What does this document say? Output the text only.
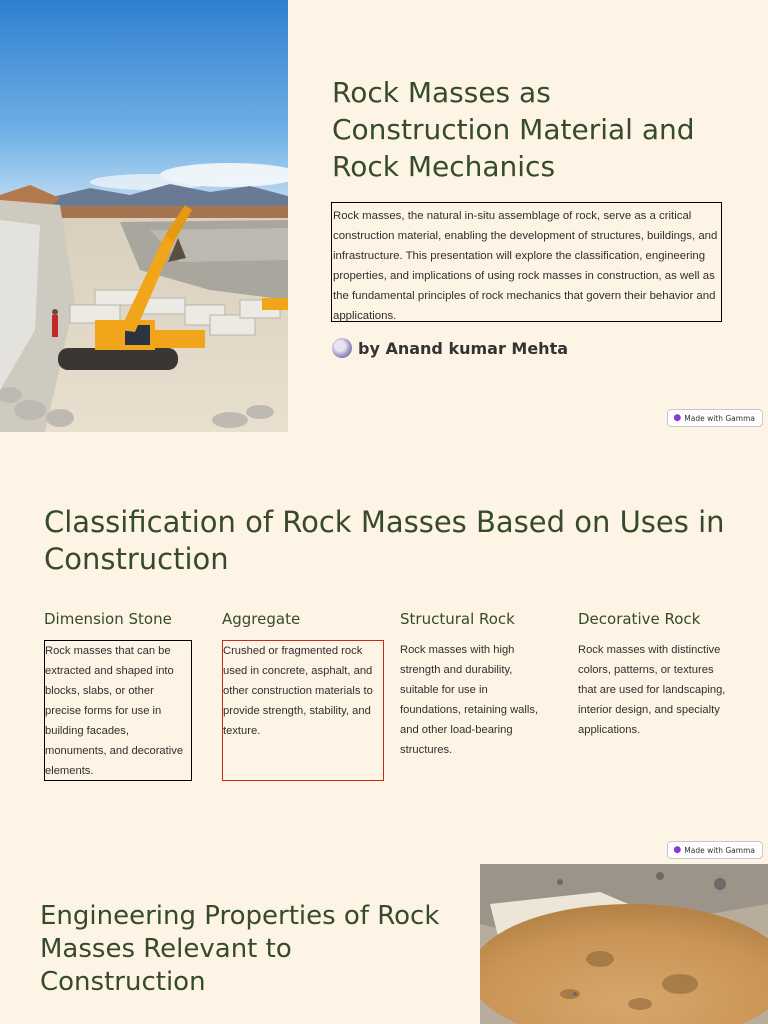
Rock Masses as Construction Material and Rock Mechanics

Rock masses, the natural in-situ assemblage of rock, serve as a critical construction material, enabling the development of structures, buildings, and infrastructure. This presentation will explore the classification, engineering properties, and implications of using rock masses in construction, as well as the fundamental principles of rock mechanics that govern their behavior and applications.

by Anand kumar Mehta
● Made with Gamma
Classification of Rock Masses Based on Uses in Construction
Dimension Stone

Rock masses that can be extracted and shaped into blocks, slabs, or other precise forms for use in building facades, monuments, and decorative elements.

Aggregate

Crushed or fragmented rock used in concrete, asphalt, and other construction materials to provide strength, stability, and texture.

Structural Rock

Rock masses with high strength and durability, suitable for use in foundations, retaining walls, and other load-bearing structures.

Decorative Rock

Rock masses with distinctive colors, patterns, or textures that are used for landscaping, interior design, and specialty applications.

● Made with Gamma
Engineering Properties of Rock Masses Relevant to Construction
